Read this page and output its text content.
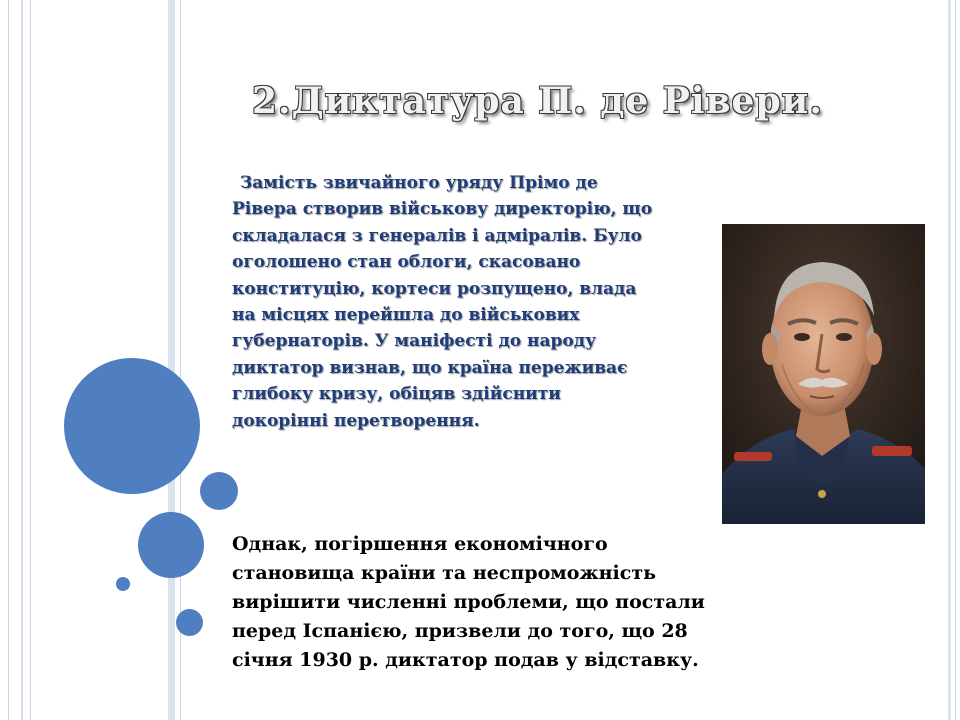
2.Диктатура П. де Рівери.

Замість звичайного уряду Прімо де Рівера створив військову директорію, що складалася з генералів і адміралів. Було оголошено стан облоги, скасовано конституцію, кортеси розпущено, влада на місцях перейшла до військових губернаторів. У маніфесті до народу диктатор визнав, що країна переживає глибоку кризу, обіцяв здійснити докорінні перетворення.

Однак, погіршення економічного становища країни та неспроможність вирішити численні проблеми, що постали перед Іспанією, призвели до того, що 28 січня 1930 р. диктатор подав у відставку.
